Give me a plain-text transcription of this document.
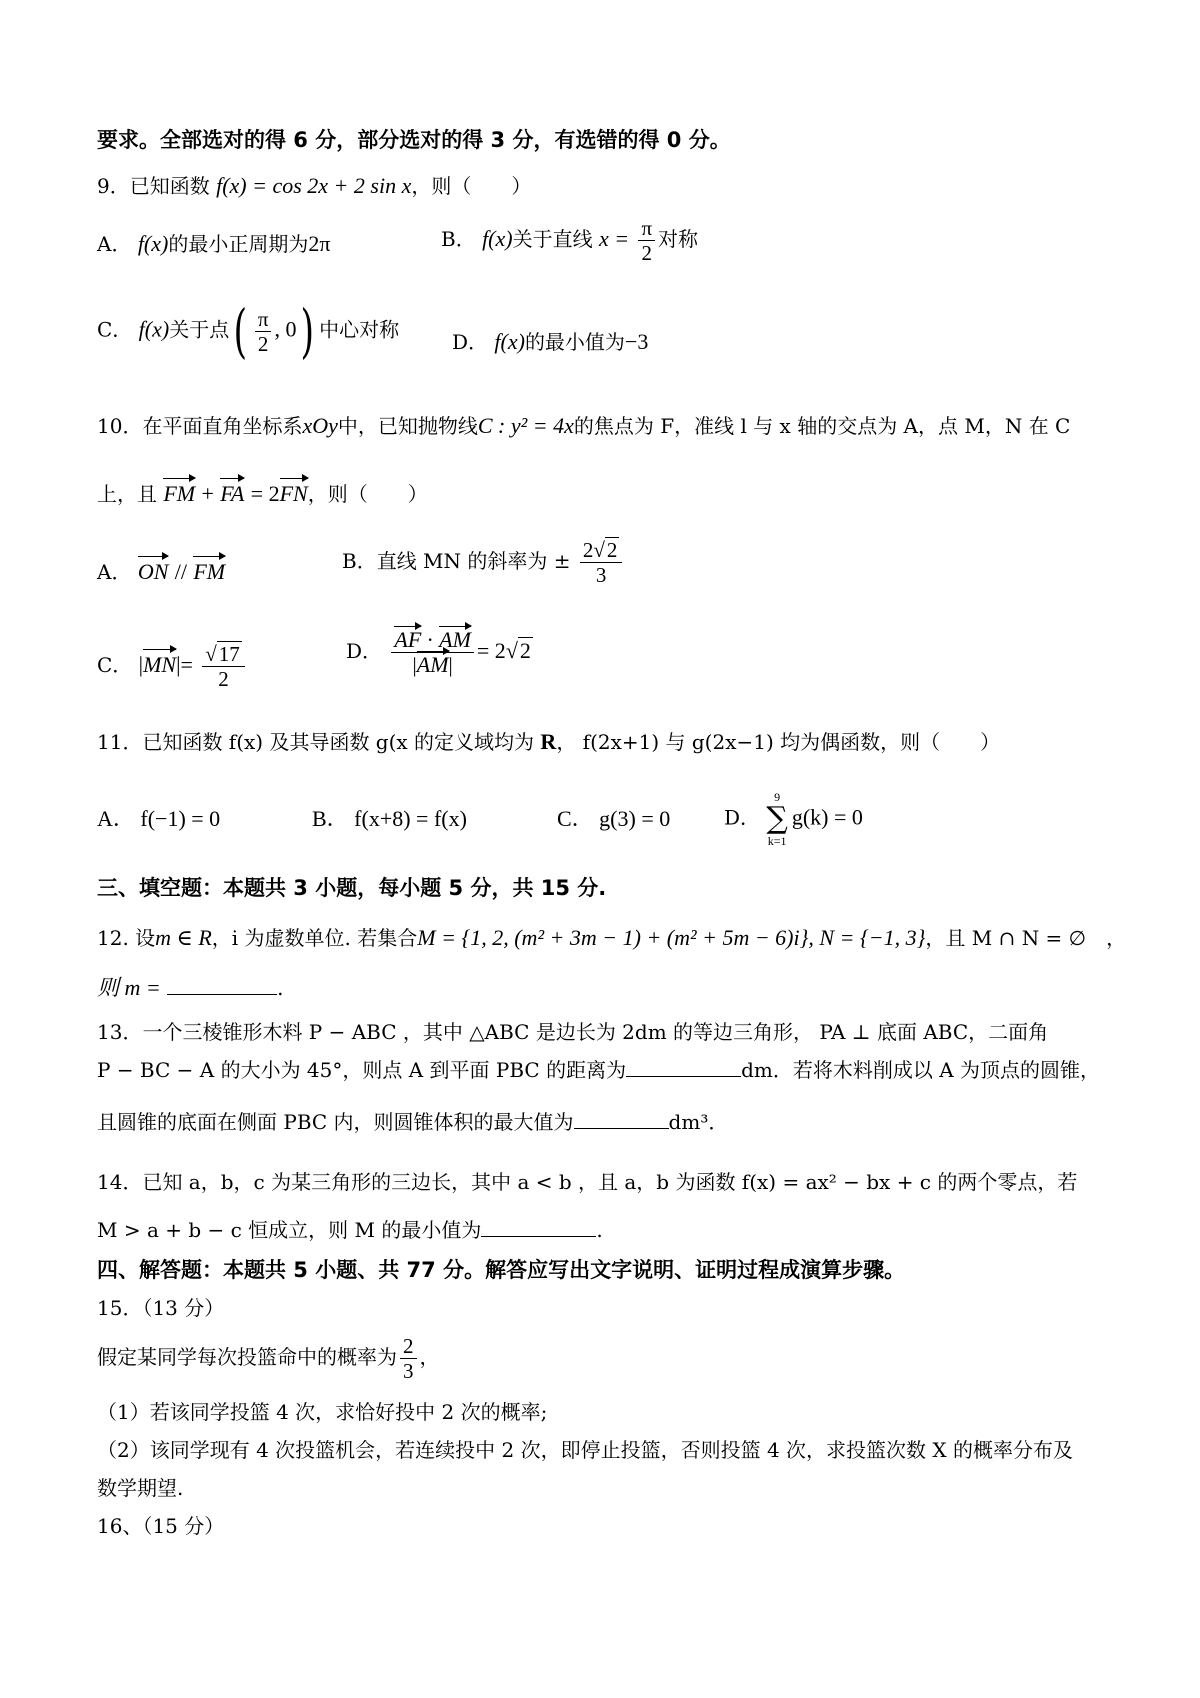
要求。全部选对的得 6 分，部分选对的得 3 分，有选错的得 0 分。
9．已知函数 f(x) = cos 2x + 2 sin x，则（　　）
A． f(x)的最小正周期为2π	B． f(x)关于直线 $x = \frac{\pi}{2}$ 对称
C． f(x)关于点( $\frac{\pi}{2}$ , 0) 中心对称
D． f(x)的最小值为−3
10．在平面直角坐标系xOy中，已知抛物线C : y² = 4x的焦点为 F，准线 l 与 x 轴的交点为 A，点 M，N 在 C
上，且 FM + FA = 2FN，则（　　）
A． ON // FM	B．直线 MN 的斜率为 ± $\frac{2√2}{3}$
C． $|MN|= \frac{√17}{2}$	D． $\frac{AF \cdot AM}{|AM|} = 2√2$
11．已知函数 f(x) 及其导函数 g(x 的定义域均为 R， f(2x+1) 与 g(2x−1) 均为偶函数，则（　　）
A． f(−1) = 0	B． f(x+8) = f(x)	C． g(3) = 0	D．
9
∑
k=1
g(k) = 0
三、填空题：本题共 3 小题，每小题 5 分，共 15 分.
12. 设m ∈ R，i 为虚数单位. 若集合M = {1, 2, (m² + 3m − 1) + (m² + 5m − 6)i}, N = {−1, 3}，且 M ∩ N = ∅　，
则 m =	.
13．一个三棱锥形木料 P − ABC ，其中 △ABC 是边长为 2dm 的等边三角形， PA ⊥ 底面 ABC，二面角
P − BC − A 的大小为 45°，则点 A 到平面 PBC 的距离为	dm．若将木料削成以 A 为顶点的圆锥，
且圆锥的底面在侧面 PBC 内，则圆锥体积的最大值为	dm³．
14．已知 a，b，c 为某三角形的三边长，其中 a < b ，且 a，b 为函数 f(x) = ax² − bx + c 的两个零点，若
M > a + b − c 恒成立，则 M 的最小值为	.
四、解答题：本题共 5 小题、共 77 分。解答应写出文字说明、证明过程成演算步骤。
15．（13 分）
假定某同学每次投篮命中的概率为 $\frac{2}{3}$ ，
（1）若该同学投篮 4 次，求恰好投中 2 次的概率;
（2）该同学现有 4 次投篮机会，若连续投中 2 次，即停止投篮，否则投篮 4 次，求投篮次数 X 的概率分布及
数学期望.
16、（15 分）
